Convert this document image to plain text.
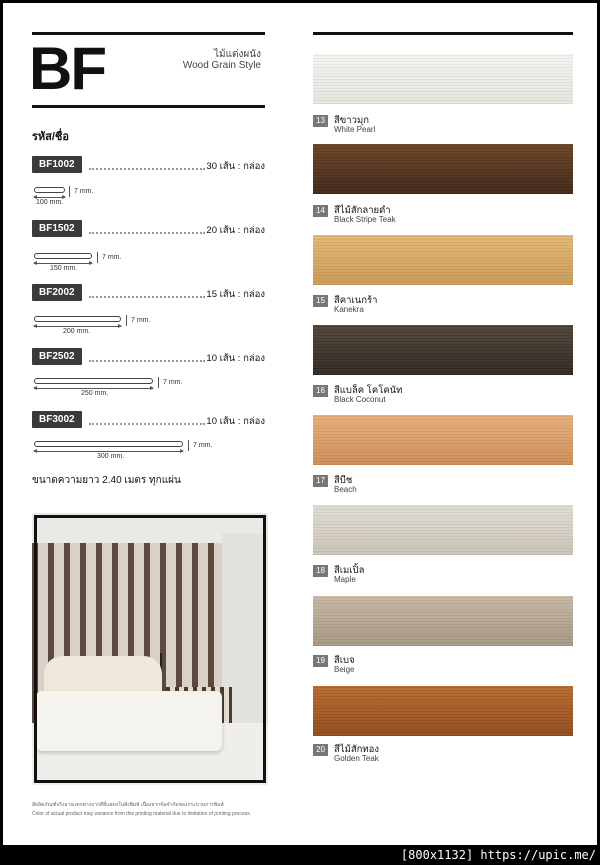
BF	ไม้แต่งผนัง
Wood Grain Style
รหัส/ชื่อ
BF1002	30 เส้น : กล่อง
100 mm.
7 mm.
BF1502	20 เส้น : กล่อง
150 mm.
7 mm.
BF2002	15 เส้น : กล่อง
200 mm.
7 mm.
BF2502	10 เส้น : กล่อง
250 mm.
7 mm.
BF3002	10 เส้น : กล่อง
300 mm.
7 mm.
ขนาดความยาว 2.40 เมตร ทุกแผ่น
สีผลิตภัณฑ์จริงอาจแตกต่างจากสีที่แสดงในสิ่งพิมพ์ เนื่องจากข้อจำกัดของกระบวนการพิมพ์
Color of actual product may variance from this printing material due to limitation of printing process.
13 สีขาวมุก
White Pearl
14 สีไม้สักลายดำ
Black Stripe Teak
15 สีคาเนกร้า
Kanekra
16 สีแบล็ค โคโคนัท
Black Coconut
17 สีบีช
Beach
18 สีเมเปิ้ล
Maple
19 สีเบจ
Beige
20 สีไม้สักทอง
Golden Teak
[800x1132] https://upic.me/
